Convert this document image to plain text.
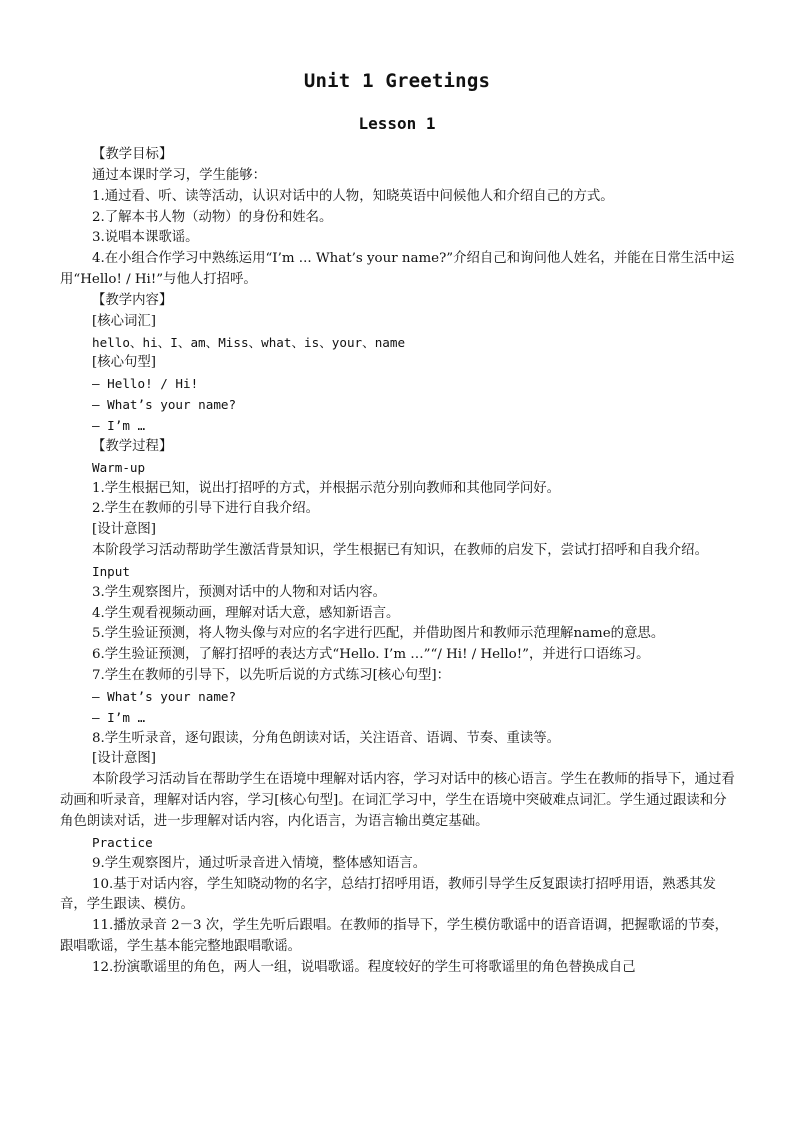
Unit 1 Greetings
Lesson 1

【教学目标】

通过本课时学习，学生能够：

1.通过看、听、读等活动，认识对话中的人物，知晓英语中问候他人和介绍自己的方式。

2.了解本书人物（动物）的身份和姓名。

3.说唱本课歌谣。

4.在小组合作学习中熟练运用“I’m ... What’s your name?”介绍自己和询问他人姓名，并能在日常生活中运用“Hello! / Hi!”与他人打招呼。

【教学内容】

[核心词汇]

hello、hi、I、am、Miss、what、is、your、name

[核心句型]

— Hello! / Hi!

— What’s your name?

— I’m …

【教学过程】

Warm-up

1.学生根据已知，说出打招呼的方式，并根据示范分别向教师和其他同学问好。

2.学生在教师的引导下进行自我介绍。

[设计意图]

本阶段学习活动帮助学生激活背景知识，学生根据已有知识，在教师的启发下，尝试打招呼和自我介绍。

Input

3.学生观察图片，预测对话中的人物和对话内容。

4.学生观看视频动画，理解对话大意，感知新语言。

5.学生验证预测，将人物头像与对应的名字进行匹配，并借助图片和教师示范理解name的意思。

6.学生验证预测，了解打招呼的表达方式“Hello. I’m …”“/ Hi! / Hello!”，并进行口语练习。

7.学生在教师的引导下，以先听后说的方式练习[核心句型]：

— What’s your name?

— I’m …

8.学生听录音，逐句跟读，分角色朗读对话，关注语音、语调、节奏、重读等。

[设计意图]

本阶段学习活动旨在帮助学生在语境中理解对话内容，学习对话中的核心语言。学生在教师的指导下，通过看动画和听录音，理解对话内容，学习[核心句型]。在词汇学习中，学生在语境中突破难点词汇。学生通过跟读和分角色朗读对话，进一步理解对话内容，内化语言，为语言输出奠定基础。

Practice

9.学生观察图片，通过听录音进入情境，整体感知语言。

10.基于对话内容，学生知晓动物的名字，总结打招呼用语，教师引导学生反复跟读打招呼用语，熟悉其发音，学生跟读、模仿。

11.播放录音 2－3 次，学生先听后跟唱。在教师的指导下，学生模仿歌谣中的语音语调，把握歌谣的节奏，跟唱歌谣，学生基本能完整地跟唱歌谣。

12.扮演歌谣里的角色，两人一组，说唱歌谣。程度较好的学生可将歌谣里的角色替换成自己
